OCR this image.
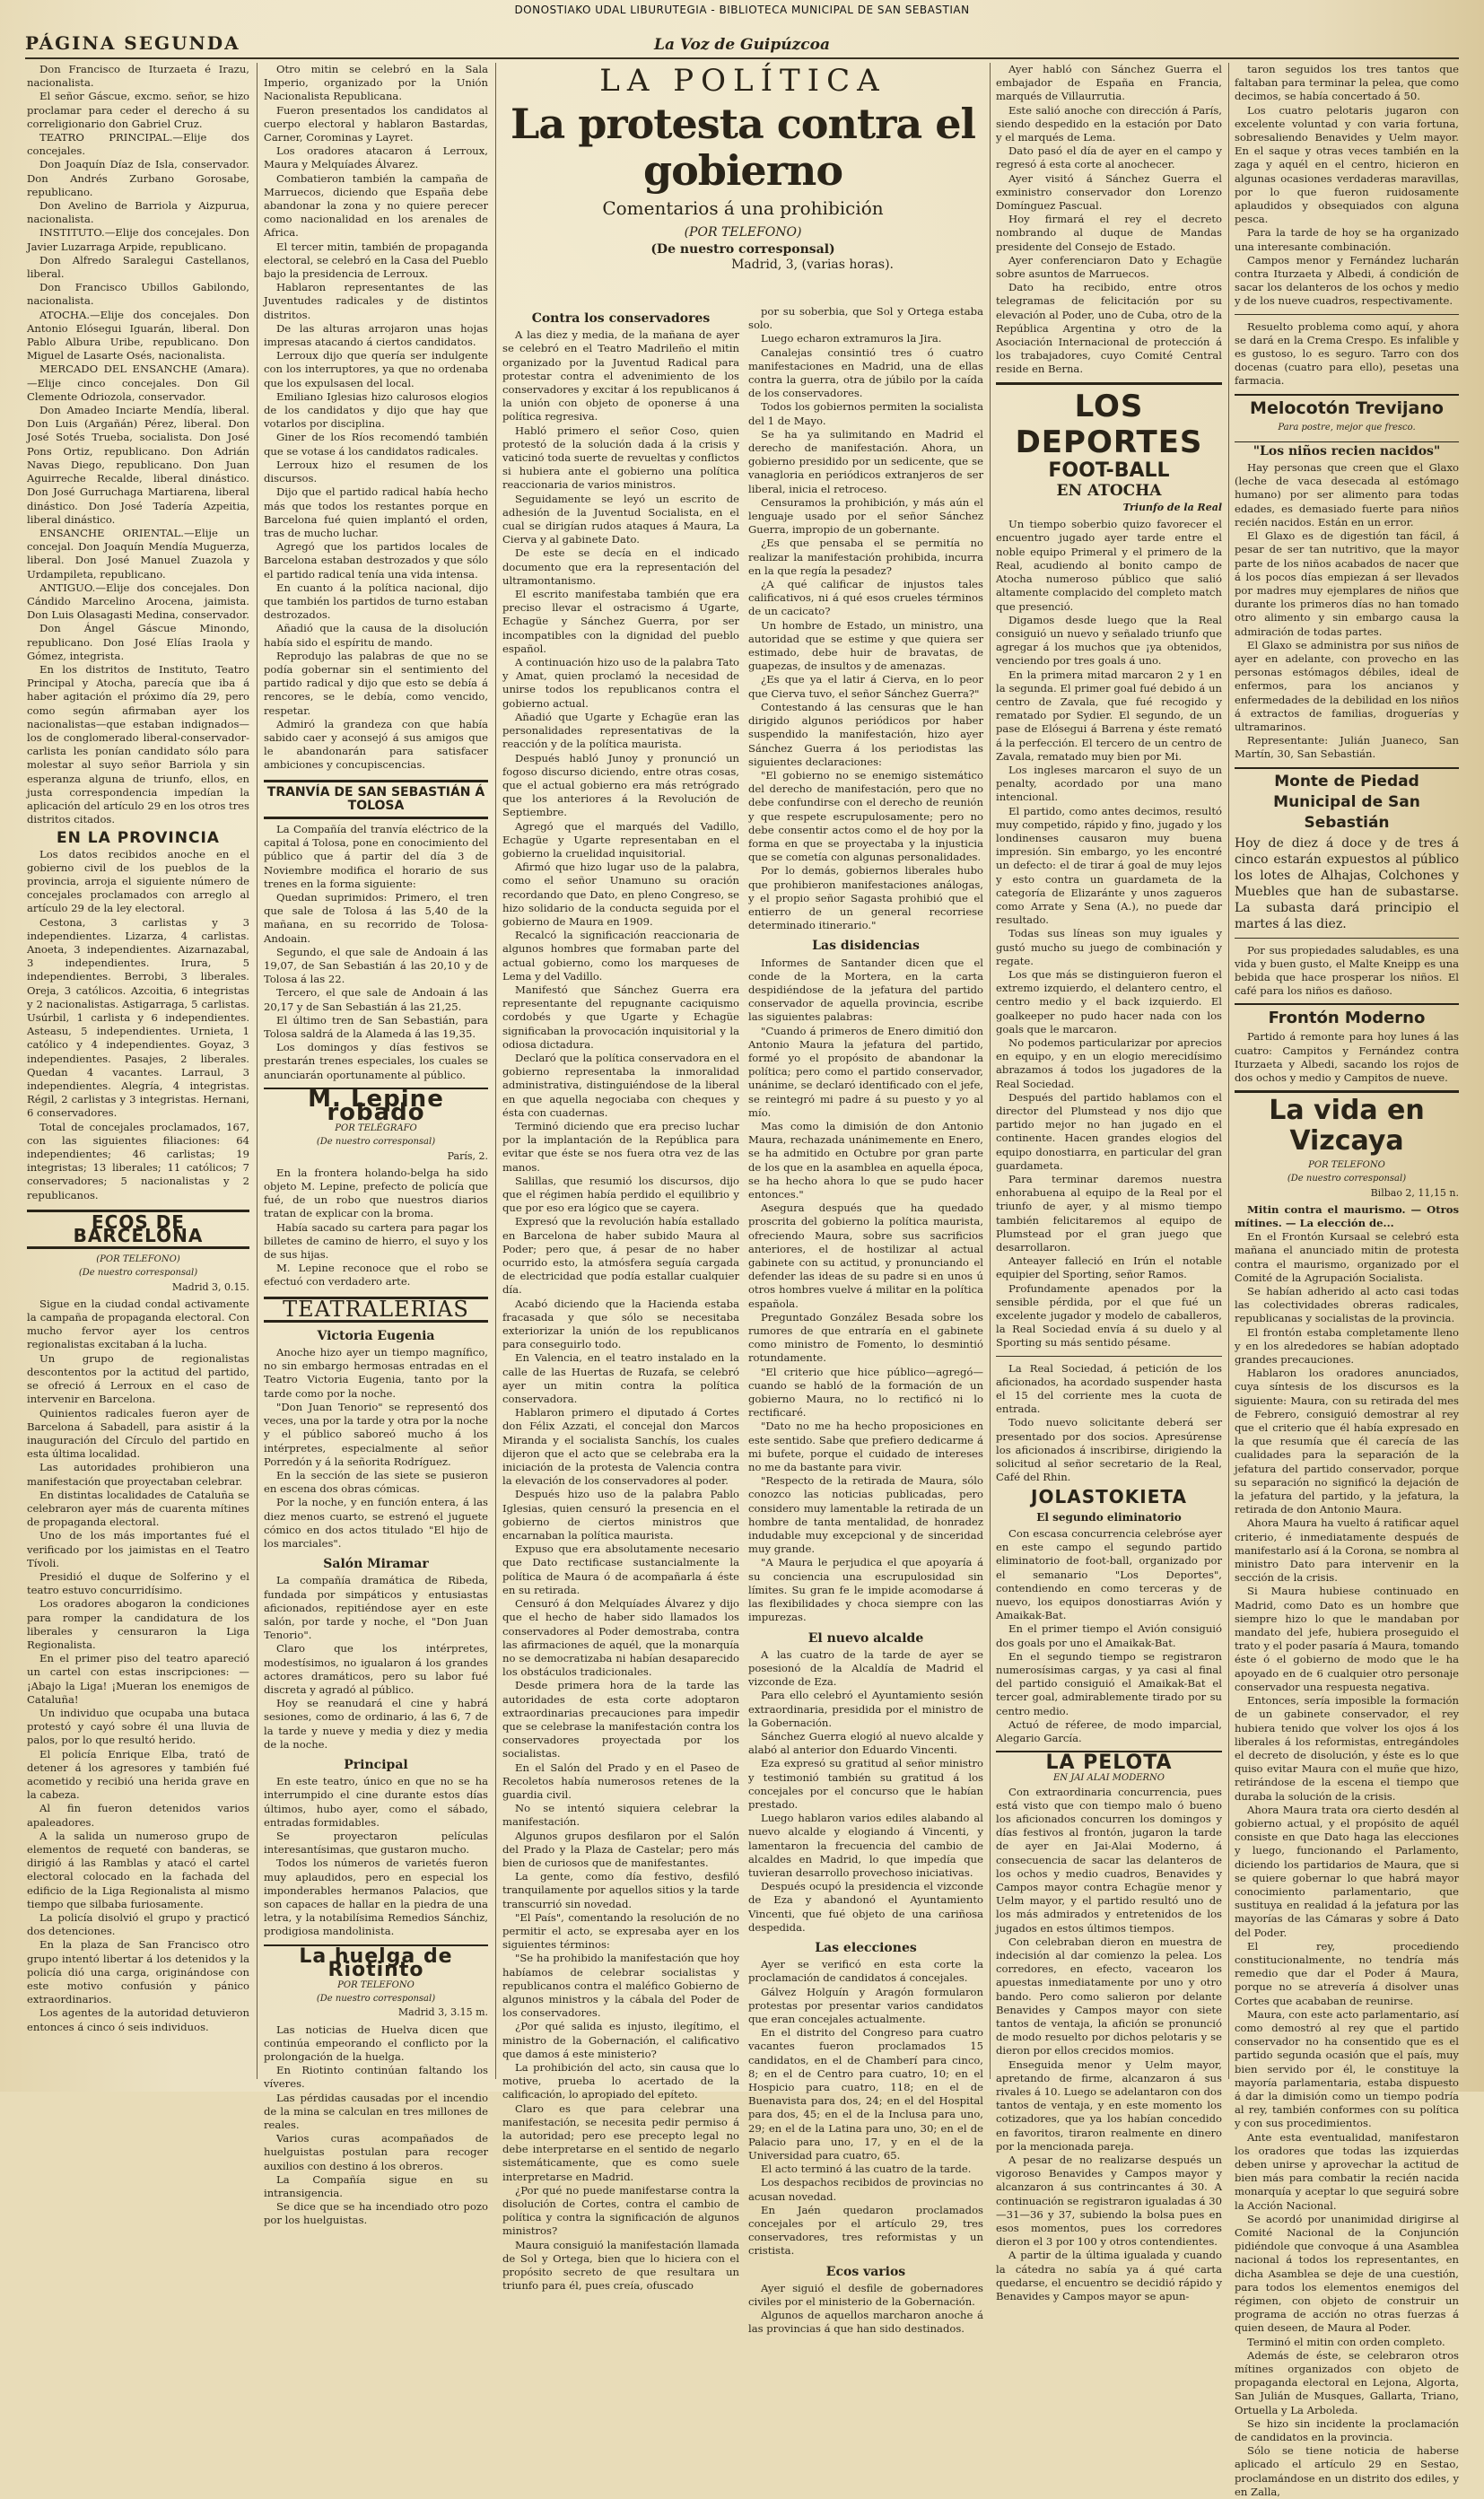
DONOSTIAKO UDAL LIBURUTEGIA - BIBLIOTECA MUNICIPAL DE SAN SEBASTIAN
PÁGINA SEGUNDA	La Voz de Guipúzcoa

Don Francisco de Iturzaeta é Irazu, nacionalista.

El señor Gáscue, excmo. señor, se hizo proclamar para ceder el derecho á su correligionario don Gabriel Cruz.

TEATRO PRINCIPAL.—Elije dos concejales.

Don Joaquín Díaz de Isla, conservador. Don Andrés Zurbano Gorosabe, republicano.

Don Avelino de Barriola y Aizpurua, nacionalista.

INSTITUTO.—Elije dos concejales. Don Javier Luzarraga Arpide, republicano.

Don Alfredo Saralegui Castellanos, liberal.

Don Francisco Ubillos Gabilondo, nacionalista.

ATOCHA.—Elije dos concejales. Don Antonio Elósegui Iguarán, liberal. Don Pablo Albura Uribe, republicano. Don Miguel de Lasarte Osés, nacionalista.

MERCADO DEL ENSANCHE (Amara).—Elije cinco concejales. Don Gil Clemente Odriozola, conservador.

Don Amadeo Inciarte Mendía, liberal. Don Luis (Argañán) Pérez, liberal. Don José Sotés Trueba, socialista. Don José Pons Ortiz, republicano. Don Adrián Navas Diego, republicano. Don Juan Aguirreche Recalde, liberal dinástico. Don José Gurruchaga Martiarena, liberal dinástico. Don José Tadería Azpeitia, liberal dinástico.

ENSANCHE ORIENTAL.—Elije un concejal. Don Joaquín Mendía Muguerza, liberal. Don José Manuel Zuazola y Urdampileta, republicano.

ANTIGUO.—Elije dos concejales. Don Cándido Marcelino Arocena, jaimista. Don Luis Olasagasti Medina, conservador.

Don Ángel Gáscue Minondo, republicano. Don José Elías Iraola y Gómez, integrista.

En los distritos de Instituto, Teatro Principal y Atocha, parecía que iba á haber agitación el próximo día 29, pero como según afirmaban ayer los nacionalistas—que estaban indignados—los de conglomerado liberal-conservador-carlista les ponían candidato sólo para molestar al suyo señor Barriola y sin esperanza alguna de triunfo, ellos, en justa correspondencia impedían la aplicación del artículo 29 en los otros tres distritos citados.

EN LA PROVINCIA

Los datos recibidos anoche en el gobierno civil de los pueblos de la provincia, arroja el siguiente número de concejales proclamados con arreglo al artículo 29 de la ley electoral.

Cestona, 3 carlistas y 3 independientes. Lizarza, 4 carlistas. Anoeta, 3 independientes. Aizarnazabal, 3 independientes. Irura, 5 independientes. Berrobi, 3 liberales. Oreja, 3 católicos. Azcoitia, 6 integristas y 2 nacionalistas. Astigarraga, 5 carlistas. Usúrbil, 1 carlista y 6 independientes. Asteasu, 5 independientes. Urnieta, 1 católico y 4 independientes. Goyaz, 3 independientes. Pasajes, 2 liberales. Quedan 4 vacantes. Larraul, 3 independientes. Alegría, 4 integristas. Régil, 2 carlistas y 3 integristas. Hernani, 6 conservadores.

Total de concejales proclamados, 167, con las siguientes filiaciones: 64 independientes; 46 carlistas; 19 integristas; 13 liberales; 11 católicos; 7 conservadores; 5 nacionalistas y 2 republicanos.

ECOS DE BARCELONA
(POR TELEFONO)
(De nuestro corresponsal)
Madrid 3, 0.15.

Sigue en la ciudad condal activamente la campaña de propaganda electoral. Con mucho fervor ayer los centros regionalistas excitaban á la lucha.

Un grupo de regionalistas descontentos por la actitud del partido, se ofreció á Lerroux en el caso de intervenir en Barcelona.

Quinientos radicales fueron ayer de Barcelona á Sabadell, para asistir á la inauguración del Círculo del partido en esta última localidad.

Las autoridades prohibieron una manifestación que proyectaban celebrar.

En distintas localidades de Cataluña se celebraron ayer más de cuarenta mítines de propaganda electoral.

Uno de los más importantes fué el verificado por los jaimistas en el Teatro Tívoli.

Presidió el duque de Solferino y el teatro estuvo concurridísimo.

Los oradores abogaron la condiciones para romper la candidatura de los liberales y censuraron la Liga Regionalista.

En el primer piso del teatro apareció un cartel con estas inscripciones: —¡Abajo la Liga! ¡Mueran los enemigos de Cataluña!

Un individuo que ocupaba una butaca protestó y cayó sobre él una lluvia de palos, por lo que resultó herido.

El policía Enrique Elba, trató de detener á los agresores y también fué acometido y recibió una herida grave en la cabeza.

Al fin fueron detenidos varios apaleadores.

A la salida un numeroso grupo de elementos de requeté con banderas, se dirigió á las Ramblas y atacó el cartel electoral colocado en la fachada del edificio de la Liga Regionalista al mismo tiempo que silbaba furiosamente.

La policía disolvió el grupo y practicó dos detenciones.

En la plaza de San Francisco otro grupo intentó libertar á los detenidos y la policía dió una carga, originándose con este motivo confusión y pánico extraordinarios.

Los agentes de la autoridad detuvieron entonces á cinco ó seis individuos.

Otro mitin se celebró en la Sala Imperio, organizado por la Unión Nacionalista Republicana.

Fueron presentados los candidatos al cuerpo electoral y hablaron Bastardas, Carner, Corominas y Layret.

Los oradores atacaron á Lerroux, Maura y Melquíades Álvarez.

Combatieron también la campaña de Marruecos, diciendo que España debe abandonar la zona y no quiere perecer como nacionalidad en los arenales de Africa.

El tercer mitin, también de propaganda electoral, se celebró en la Casa del Pueblo bajo la presidencia de Lerroux.

Hablaron representantes de las Juventudes radicales y de distintos distritos.

De las alturas arrojaron unas hojas impresas atacando á ciertos candidatos.

Lerroux dijo que quería ser indulgente con los interruptores, ya que no ordenaba que los expulsasen del local.

Emiliano Iglesias hizo calurosos elogios de los candidatos y dijo que hay que votarlos por disciplina.

Giner de los Ríos recomendó también que se votase á los candidatos radicales.

Lerroux hizo el resumen de los discursos.

Dijo que el partido radical había hecho más que todos los restantes porque en Barcelona fué quien implantó el orden, tras de mucho luchar.

Agregó que los partidos locales de Barcelona estaban destrozados y que sólo el partido radical tenía una vida intensa.

En cuanto á la política nacional, dijo que también los partidos de turno estaban destrozados.

Añadió que la causa de la disolución había sido el espíritu de mando.

Reprodujo las palabras de que no se podía gobernar sin el sentimiento del partido radical y dijo que esto se debía á rencores, se le debía, como vencido, respetar.

Admiró la grandeza con que había sabido caer y aconsejó á sus amigos que le abandonarán para satisfacer ambiciones y concupiscencias.

TRANVÍA DE SAN SEBASTIÁN Á TOLOSA

La Compañía del tranvía eléctrico de la capital á Tolosa, pone en conocimiento del público que á partir del día 3 de Noviembre modifica el horario de sus trenes en la forma siguiente:

Quedan suprimidos: Primero, el tren que sale de Tolosa á las 5,40 de la mañana, en su recorrido de Tolosa-Andoain.

Segundo, el que sale de Andoain á las 19,07, de San Sebastián á las 20,10 y de Tolosa á las 22.

Tercero, el que sale de Andoain á las 20,17 y de San Sebastián á las 21,25.

El último tren de San Sebastián, para Tolosa saldrá de la Alameda á las 19,35.

Los domingos y días festivos se prestarán trenes especiales, los cuales se anunciarán oportunamente al público.

M. Lepine robado
POR TELÉGRAFO
(De nuestro corresponsal)
París, 2.

En la frontera holando-belga ha sido objeto M. Lepine, prefecto de policía que fué, de un robo que nuestros diarios tratan de explicar con la broma.

Había sacado su cartera para pagar los billetes de camino de hierro, el suyo y los de sus hijas.

M. Lepine reconoce que el robo se efectuó con verdadero arte.

TEATRALERIAS
Victoria Eugenia

Anoche hizo ayer un tiempo magnífico, no sin embargo hermosas entradas en el Teatro Victoria Eugenia, tanto por la tarde como por la noche.

"Don Juan Tenorio" se representó dos veces, una por la tarde y otra por la noche y el público saboreó mucho á los intérpretes, especialmente al señor Porredón y á la señorita Rodríguez.

En la sección de las siete se pusieron en escena dos obras cómicas.

Por la noche, y en función entera, á las diez menos cuarto, se estrenó el juguete cómico en dos actos titulado "El hijo de los marciales".

Salón Miramar

La compañía dramática de Ribeda, fundada por simpáticos y entusiastas aficionados, repitiéndose ayer en este salón, por tarde y noche, el "Don Juan Tenorio".

Claro que los intérpretes, modestísimos, no igualaron á los grandes actores dramáticos, pero su labor fué discreta y agradó al público.

Hoy se reanudará el cine y habrá sesiones, como de ordinario, á las 6, 7 de la tarde y nueve y media y diez y media de la noche.

Principal

En este teatro, único en que no se ha interrumpido el cine durante estos días últimos, hubo ayer, como el sábado, entradas formidables.

Se proyectaron películas interesantísimas, que gustaron mucho.

Todos los números de varietés fueron muy aplaudidos, pero en especial los imponderables hermanos Palacios, que son capaces de hallar en la piedra de una letra, y la notabilísima Remedios Sánchiz, prodigiosa mandolinista.

La huelga de Riotinto
POR TELEFONO
(De nuestro corresponsal)
Madrid 3, 3.15 m.

Las noticias de Huelva dicen que continúa empeorando el conflicto por la prolongación de la huelga.

En Riotinto continúan faltando los víveres.

Las pérdidas causadas por el incendio de la mina se calculan en tres millones de reales.

Varios curas acompañados de huelguistas postulan para recoger auxilios con destino á los obreros.

La Compañía sigue en su intransigencia.

Se dice que se ha incendiado otro pozo por los huelguistas.

LA POLÍTICA
La protesta contra el gobierno
Comentarios á una prohibición
(POR TELEFONO)
(De nuestro corresponsal)
Madrid, 3, (varias horas).
Contra los conservadores

A las diez y media, de la mañana de ayer se celebró en el Teatro Madrileño el mitin organizado por la Juventud Radical para protestar contra el advenimiento de los conservadores y excitar á los republicanos á la unión con objeto de oponerse á una política regresiva.

Habló primero el señor Coso, quien protestó de la solución dada á la crisis y vaticinó toda suerte de revueltas y conflictos si hubiera ante el gobierno una política reaccionaria de varios ministros.

Seguidamente se leyó un escrito de adhesión de la Juventud Socialista, en el cual se dirigían rudos ataques á Maura, La Cierva y al gabinete Dato.

De este se decía en el indicado documento que era la representación del ultramontanismo.

El escrito manifestaba también que era preciso llevar el ostracismo á Ugarte, Echagüe y Sánchez Guerra, por ser incompatibles con la dignidad del pueblo español.

A continuación hizo uso de la palabra Tato y Amat, quien proclamó la necesidad de unirse todos los republicanos contra el gobierno actual.

Añadió que Ugarte y Echagüe eran las personalidades representativas de la reacción y de la política maurista.

Después habló Junoy y pronunció un fogoso discurso diciendo, entre otras cosas, que el actual gobierno era más retrógrado que los anteriores á la Revolución de Septiembre.

Agregó que el marqués del Vadillo, Echagüe y Ugarte representaban en el gobierno la cruelidad inquisitorial.

Afirmó que hizo lugar uso de la palabra, como el señor Unamuno su oración recordando que Dato, en pleno Congreso, se hizo solidario de la conducta seguida por el gobierno de Maura en 1909.

Recalcó la significación reaccionaria de algunos hombres que formaban parte del actual gobierno, como los marqueses de Lema y del Vadillo.

Manifestó que Sánchez Guerra era representante del repugnante caciquismo cordobés y que Ugarte y Echagüe significaban la provocación inquisitorial y la odiosa dictadura.

Declaró que la política conservadora en el gobierno representaba la inmoralidad administrativa, distinguiéndose de la liberal en que aquella negociaba con cheques y ésta con cuadernas.

Terminó diciendo que era preciso luchar por la implantación de la República para evitar que éste se nos fuera otra vez de las manos.

Salillas, que resumió los discursos, dijo que el régimen había perdido el equilibrio y que por eso era lógico que se cayera.

Expresó que la revolución había estallado en Barcelona de haber subido Maura al Poder; pero que, á pesar de no haber ocurrido esto, la atmósfera seguía cargada de electricidad que podía estallar cualquier día.

Acabó diciendo que la Hacienda estaba fracasada y que sólo se necesitaba exteriorizar la unión de los republicanos para conseguirlo todo.

En Valencia, en el teatro instalado en la calle de las Huertas de Ruzafa, se celebró ayer un mitin contra la política conservadora.

Hablaron primero el diputado á Cortes don Félix Azzati, el concejal don Marcos Miranda y el socialista Sanchís, los cuales dijeron que el acto que se celebraba era la iniciación de la protesta de Valencia contra la elevación de los conservadores al poder.

Después hizo uso de la palabra Pablo Iglesias, quien censuró la presencia en el gobierno de ciertos ministros que encarnaban la política maurista.

Expuso que era absolutamente necesario que Dato rectificase sustancialmente la política de Maura ó de acompañarla á éste en su retirada.

Censuró á don Melquíades Álvarez y dijo que el hecho de haber sido llamados los conservadores al Poder demostraba, contra las afirmaciones de aquél, que la monarquía no se democratizaba ni habían desaparecido los obstáculos tradicionales.

Desde primera hora de la tarde las autoridades de esta corte adoptaron extraordinarias precauciones para impedir que se celebrase la manifestación contra los conservadores proyectada por los socialistas.

En el Salón del Prado y en el Paseo de Recoletos había numerosos retenes de la guardia civil.

No se intentó siquiera celebrar la manifestación.

Algunos grupos desfilaron por el Salón del Prado y la Plaza de Castelar; pero más bien de curiosos que de manifestantes.

La gente, como día festivo, desfiló tranquilamente por aquellos sitios y la tarde transcurrió sin novedad.

"El País", comentando la resolución de no permitir el acto, se expresaba ayer en los siguientes términos:

"Se ha prohibido la manifestación que hoy habíamos de celebrar socialistas y republicanos contra el maléfico Gobierno de algunos ministros y la cábala del Poder de los conservadores.

¿Por qué salida es injusto, ilegítimo, el ministro de la Gobernación, el calificativo que damos á este ministerio?

La prohibición del acto, sin causa que lo motive, prueba lo acertado de la calificación, lo apropiado del epíteto.

Claro es que para celebrar una manifestación, se necesita pedir permiso á la autoridad; pero ese precepto legal no debe interpretarse en el sentido de negarlo sistemáticamente, que es como suele interpretarse en Madrid.

¿Por qué no puede manifestarse contra la disolución de Cortes, contra el cambio de política y contra la significación de algunos ministros?

Maura consiguió la manifestación llamada de Sol y Ortega, bien que lo hiciera con el propósito secreto de que resultara un triunfo para él, pues creía, ofuscado

por su soberbia, que Sol y Ortega estaba solo.

Luego echaron extramuros la Jira.

Canalejas consintió tres ó cuatro manifestaciones en Madrid, una de ellas contra la guerra, otra de júbilo por la caída de los conservadores.

Todos los gobiernos permiten la socialista del 1 de Mayo.

Se ha ya sulimitando en Madrid el derecho de manifestación. Ahora, un gobierno presidido por un sedicente, que se vanagloria en periódicos extranjeros de ser liberal, inicia el retroceso.

Censuramos la prohibición, y más aún el lenguaje usado por el señor Sánchez Guerra, impropio de un gobernante.

¿Es que pensaba el se permitía no realizar la manifestación prohibida, incurra en la que regía la pesadez?

¿A qué calificar de injustos tales calificativos, ni á qué esos crueles términos de un cacicato?

Un hombre de Estado, un ministro, una autoridad que se estime y que quiera ser estimado, debe huir de bravatas, de guapezas, de insultos y de amenazas.

¿Es que ya el latir á Cierva, en lo peor que Cierva tuvo, el señor Sánchez Guerra?"

Contestando á las censuras que le han dirigido algunos periódicos por haber suspendido la manifestación, hizo ayer Sánchez Guerra á los periodistas las siguientes declaraciones:

"El gobierno no se enemigo sistemático del derecho de manifestación, pero que no debe confundirse con el derecho de reunión y que respete escrupulosamente; pero no debe consentir actos como el de hoy por la forma en que se proyectaba y la injusticia que se cometía con algunas personalidades.

Por lo demás, gobiernos liberales hubo que prohibieron manifestaciones análogas, y el propio señor Sagasta prohibió que el entierro de un general recorriese determinado itinerario."

Las disidencias

Informes de Santander dicen que el conde de la Mortera, en la carta despidiéndose de la jefatura del partido conservador de aquella provincia, escribe las siguientes palabras:

"Cuando á primeros de Enero dimitió don Antonio Maura la jefatura del partido, formé yo el propósito de abandonar la política; pero como el partido conservador, unánime, se declaró identificado con el jefe, se reintegró mi padre á su puesto y yo al mío.

Mas como la dimisión de don Antonio Maura, rechazada unánimemente en Enero, se ha admitido en Octubre por gran parte de los que en la asamblea en aquella época, se ha hecho ahora lo que se pudo hacer entonces."

Asegura después que ha quedado proscrita del gobierno la política maurista, ofreciendo Maura, sobre sus sacrificios anteriores, el de hostilizar al actual gabinete con su actitud, y pronunciando el defender las ideas de su padre si en unos ú otros hombres vuelve á militar en la política española.

Preguntado González Besada sobre los rumores de que entraría en el gabinete como ministro de Fomento, lo desmintió rotundamente.

"El criterio que hice público—agregó—cuando se habló de la formación de un gobierno Maura, no lo rectificó ni lo rectificaré.

"Dato no me ha hecho proposiciones en este sentido. Sabe que prefiero dedicarme á mi bufete, porque el cuidado de intereses no me da bastante para vivir.

"Respecto de la retirada de Maura, sólo conozco las noticias publicadas, pero considero muy lamentable la retirada de un hombre de tanta mentalidad, de honradez indudable muy excepcional y de sinceridad muy grande.

"A Maura le perjudica el que apoyaría á su conciencia una escrupulosidad sin límites. Su gran fe le impide acomodarse á las flexibilidades y choca siempre con las impurezas.

El nuevo alcalde

A las cuatro de la tarde de ayer se posesionó de la Alcaldía de Madrid el vizconde de Eza.

Para ello celebró el Ayuntamiento sesión extraordinaria, presidida por el ministro de la Gobernación.

Sánchez Guerra elogió al nuevo alcalde y alabó al anterior don Eduardo Vincenti.

Eza expresó su gratitud al señor ministro y testimonió también su gratitud á los concejales por el concurso que le habían prestado.

Luego hablaron varios ediles alabando al nuevo alcalde y elogiando á Vincenti, y lamentaron la frecuencia del cambio de alcaldes en Madrid, lo que impedía que tuvieran desarrollo provechoso iniciativas.

Después ocupó la presidencia el vizconde de Eza y abandonó el Ayuntamiento Vincenti, que fué objeto de una cariñosa despedida.

Las elecciones

Ayer se verificó en esta corte la proclamación de candidatos á concejales.

Gálvez Holguín y Aragón formularon protestas por presentar varios candidatos que eran concejales actualmente.

En el distrito del Congreso para cuatro vacantes fueron proclamados 15 candidatos, en el de Chamberí para cinco, 8; en el de Centro para cuatro, 10; en el Hospicio para cuatro, 118; en el de Buenavista para dos, 24; en el del Hospital para dos, 45; en el de la Inclusa para uno, 29; en el de la Latina para uno, 30; en el de Palacio para uno, 17, y en el de la Universidad para cuatro, 65.

El acto terminó á las cuatro de la tarde.

Los despachos recibidos de provincias no acusan novedad.

En Jaén quedaron proclamados concejales por el artículo 29, tres conservadores, tres reformistas y un cristista.

Ecos varios

Ayer siguió el desfile de gobernadores civiles por el ministerio de la Gobernación.

Algunos de aquellos marcharon anoche á las provincias á que han sido destinados.

Ayer habló con Sánchez Guerra el embajador de España en Francia, marqués de Villaurrutia.

Este salió anoche con dirección á París, siendo despedido en la estación por Dato y el marqués de Lema.

Dato pasó el día de ayer en el campo y regresó á esta corte al anochecer.

Ayer visitó á Sánchez Guerra el exministro conservador don Lorenzo Domínguez Pascual.

Hoy firmará el rey el decreto nombrando al duque de Mandas presidente del Consejo de Estado.

Ayer conferenciaron Dato y Echagüe sobre asuntos de Marruecos.

Dato ha recibido, entre otros telegramas de felicitación por su elevación al Poder, uno de Cuba, otro de la República Argentina y otro de la Asociación Internacional de protección á los trabajadores, cuyo Comité Central reside en Berna.

LOS DEPORTES
FOOT-BALL
EN ATOCHA
Triunfo de la Real

Un tiempo soberbio quizo favorecer el encuentro jugado ayer tarde entre el noble equipo Primeral y el primero de la Real, acudiendo al bonito campo de Atocha numeroso público que salió altamente complacido del completo match que presenció.

Digamos desde luego que la Real consiguió un nuevo y señalado triunfo que agregar á los muchos que ¡ya obtenidos, venciendo por tres goals á uno.

En la primera mitad marcaron 2 y 1 en la segunda. El primer goal fué debido á un centro de Zavala, que fué recogido y rematado por Sydier. El segundo, de un pase de Elósegui á Barrena y éste remató á la perfección. El tercero de un centro de Zavala, rematado muy bien por Mi.

Los ingleses marcaron el suyo de un penalty, acordado por una mano intencional.

El partido, como antes decimos, resultó muy competido, rápido y fino, jugado y los londinenses causaron muy buena impresión. Sin embargo, yo les encontré un defecto: el de tirar á goal de muy lejos y esto contra un guardameta de la categoría de Elizaránte y unos zagueros como Arrate y Sena (A.), no puede dar resultado.

Todas sus líneas son muy iguales y gustó mucho su juego de combinación y regate.

Los que más se distinguieron fueron el extremo izquierdo, el delantero centro, el centro medio y el back izquierdo. El goalkeeper no pudo hacer nada con los goals que le marcaron.

No podemos particularizar por aprecios en equipo, y en un elogio merecidísimo abrazamos á todos los jugadores de la Real Sociedad.

Después del partido hablamos con el director del Plumstead y nos dijo que partido mejor no han jugado en el continente. Hacen grandes elogios del equipo donostiarra, en particular del gran guardameta.

Para terminar daremos nuestra enhorabuena al equipo de la Real por el triunfo de ayer, y al mismo tiempo también felicitaremos al equipo de Plumstead por el gran juego que desarrollaron.

Anteayer falleció en Irún el notable equipier del Sporting, señor Ramos.

Profundamente apenados por la sensible pérdida, por el que fué un excelente jugador y modelo de caballeros, la Real Sociedad envía á su duelo y al Sporting su más sentido pésame.

La Real Sociedad, á petición de los aficionados, ha acordado suspender hasta el 15 del corriente mes la cuota de entrada.

Todo nuevo solicitante deberá ser presentado por dos socios. Apresúrense los aficionados á inscribirse, dirigiendo la solicitud al señor secretario de la Real, Café del Rhin.

JOLASTOKIETA
El segundo eliminatorio

Con escasa concurrencia celebróse ayer en este campo el segundo partido eliminatorio de foot-ball, organizado por el semanario "Los Deportes", contendiendo en como terceras y de nuevo, los equipos donostiarras Avión y Amaikak-Bat.

En el primer tiempo el Avión consiguió dos goals por uno el Amaikak-Bat.

En el segundo tiempo se registraron numerosísimas cargas, y ya casi al final del partido consiguió el Amaikak-Bat el tercer goal, admirablemente tirado por su centro medio.

Actuó de réferee, de modo imparcial, Alegario García.

LA PELOTA
EN JAI ALAI MODERNO

Con extraordinaria concurrencia, pues está visto que con tiempo malo ó bueno los aficionados concurren los domingos y días festivos al frontón, jugaron la tarde de ayer en Jai-Alai Moderno, á consecuencia de sacar las delanteros de los ochos y medio cuadros, Benavides y Campos mayor contra Echagüe menor y Uelm mayor, y el partido resultó uno de los más admirados y entretenidos de los jugados en estos últimos tiempos.

Con celebraban dieron en muestra de indecisión al dar comienzo la pelea. Los corredores, en efecto, vacearon los apuestas inmediatamente por uno y otro bando. Pero como salieron por delante Benavides y Campos mayor con siete tantos de ventaja, la afición se pronunció de modo resuelto por dichos pelotaris y se dieron por ellos crecidos momios.

Enseguida menor y Uelm mayor, apretando de firme, alcanzaron á sus rivales á 10. Luego se adelantaron con dos tantos de ventaja, y en este momento los cotizadores, que ya los habían concedido en favoritos, tiraron realmente en dinero por la mencionada pareja.

A pesar de no realizarse después un vigoroso Benavides y Campos mayor y alcanzaron á sus contrincantes á 30. A continuación se registraron igualadas á 30—31—36 y 37, subiendo la bolsa pues en esos momentos, pues los corredores dieron el 3 por 100 y otros contendientes.

A partir de la última igualada y cuando la cátedra no sabía ya á qué carta quedarse, el encuentro se decidió rápido y Benavides y Campos mayor se apun-

taron seguidos los tres tantos que faltaban para terminar la pelea, que como decimos, se había concertado á 50.

Los cuatro pelotaris jugaron con excelente voluntad y con varia fortuna, sobresaliendo Benavides y Uelm mayor. En el saque y otras veces también en la zaga y aquél en el centro, hicieron en algunas ocasiones verdaderas maravillas, por lo que fueron ruidosamente aplaudidos y obsequiados con alguna pesca.

Para la tarde de hoy se ha organizado una interesante combinación.

Campos menor y Fernández lucharán contra Iturzaeta y Albedi, á condición de sacar los delanteros de los ochos y medio y de los nueve cuadros, respectivamente.

Resuelto problema como aquí, y ahora se dará en la Crema Crespo. Es infalible y es gustoso, lo es seguro. Tarro con dos docenas (cuatro para ello), pesetas una farmacia.

Melocotón Trevijano
Para postre, mejor que fresco.
"Los niños recien nacidos"

Hay personas que creen que el Glaxo (leche de vaca desecada al estómago humano) por ser alimento para todas edades, es demasiado fuerte para niños recién nacidos. Están en un error.

El Glaxo es de digestión tan fácil, á pesar de ser tan nutritivo, que la mayor parte de los niños acabados de nacer que á los pocos días empiezan á ser llevados por madres muy ejemplares de niños que durante los primeros días no han tomado otro alimento y sin embargo causa la admiración de todas partes.

El Glaxo se administra por sus niños de ayer en adelante, con provecho en las personas estómagos débiles, ideal de enfermos, para los ancianos y enfermedades de la debilidad en los niños á extractos de familias, droguerías y ultramarinos.

Representante: Julián Juaneco, San Martín, 30, San Sebastián.

Monte de Piedad Municipal de San Sebastián

Hoy de diez á doce y de tres á cinco estarán expuestos al público los lotes de Alhajas, Colchones y Muebles que han de subastarse. La subasta dará principio el martes á las diez.

Por sus propiedades saludables, es una vida y buen gusto, el Malte Kneipp es una bebida que hace prosperar los niños. El café para los niños es dañoso.

Frontón Moderno

Partido á remonte para hoy lunes á las cuatro: Campitos y Fernández contra Iturzaeta y Albedi, sacando los rojos de dos ochos y medio y Campitos de nueve.

La vida en Vizcaya
POR TELEFONO
(De nuestro corresponsal)
Bilbao 2, 11,15 n.

Mitin contra el maurismo. — Otros mítines. — La elección de...

En el Frontón Kursaal se celebró esta mañana el anunciado mitin de protesta contra el maurismo, organizado por el Comité de la Agrupación Socialista.

Se habían adherido al acto casi todas las colectividades obreras radicales, republicanas y socialistas de la provincia.

El frontón estaba completamente lleno y en los alrededores se habían adoptado grandes precauciones.

Hablaron los oradores anunciados, cuya síntesis de los discursos es la siguiente: Maura, con su retirada del mes de Febrero, consiguió demostrar al rey que el criterio que él había expresado en la que resumía que él carecía de las cualidades para la separación de la jefatura del partido conservador, porque su separación no significó la dejación de la jefatura del partido, y la jefatura, la retirada de don Antonio Maura.

Ahora Maura ha vuelto á ratificar aquel criterio, é inmediatamente después de manifestarlo así á la Corona, se nombra al ministro Dato para intervenir en la sección de la crisis.

Si Maura hubiese continuado en Madrid, como Dato es un hombre que siempre hizo lo que le mandaban por mandato del jefe, hubiera proseguido el trato y el poder pasaría á Maura, tomando éste ó el gobierno de modo que le ha apoyado en de 6 cualquier otro personaje conservador una respuesta negativa.

Entonces, sería imposible la formación de un gabinete conservador, el rey hubiera tenido que volver los ojos á los liberales á los reformistas, entregándoles el decreto de disolución, y éste es lo que quiso evitar Maura con el muñe que hizo, retirándose de la escena el tiempo que duraba la solución de la crisis.

Ahora Maura trata ora cierto desdén al gobierno actual, y el propósito de aquél consiste en que Dato haga las elecciones y luego, funcionando el Parlamento, diciendo los partidarios de Maura, que si se quiere gobernar lo que habrá mayor conocimiento parlamentario, que sustituya en realidad á la jefatura por las mayorías de las Cámaras y sobre á Dato del Poder.

El rey, procediendo constitucionalmente, no tendría más remedio que dar el Poder á Maura, porque no se atrevería á disolver unas Cortes que acababan de reunirse.

Maura, con este acto parlamentario, así como demostró al rey que el partido conservador no ha consentido que es el partido segunda ocasión que el país, muy bien servido por él, le constituye la mayoría parlamentaria, estaba dispuesto á dar la dimisión como un tiempo podría al rey, también conformes con su política y con sus procedimientos.

Ante esta eventualidad, manifestaron los oradores que todas las izquierdas deben unirse y aprovechar la actitud de bien más para combatir la recién nacida monarquía y aceptar lo que seguirá sobre la Acción Nacional.

Se acordó por unanimidad dirigirse al Comité Nacional de la Conjunción pidiéndole que convoque á una Asamblea nacional á todos los representantes, en dicha Asamblea se deje de una cuestión, para todos los elementos enemigos del régimen, con objeto de construir un programa de acción no otras fuerzas á quien deseen, de Maura al Poder.

Terminó el mitin con orden completo.

Además de éste, se celebraron otros mítines organizados con objeto de propaganda electoral en Lejona, Algorta, San Julián de Musques, Gallarta, Triano, Ortuella y La Arboleda.

Se hizo sin incidente la proclamación de candidatos en la provincia.

Sólo se tiene noticia de haberse aplicado el artículo 29 en Sestao, proclamándose en un distrito dos ediles, y en Zalla,
